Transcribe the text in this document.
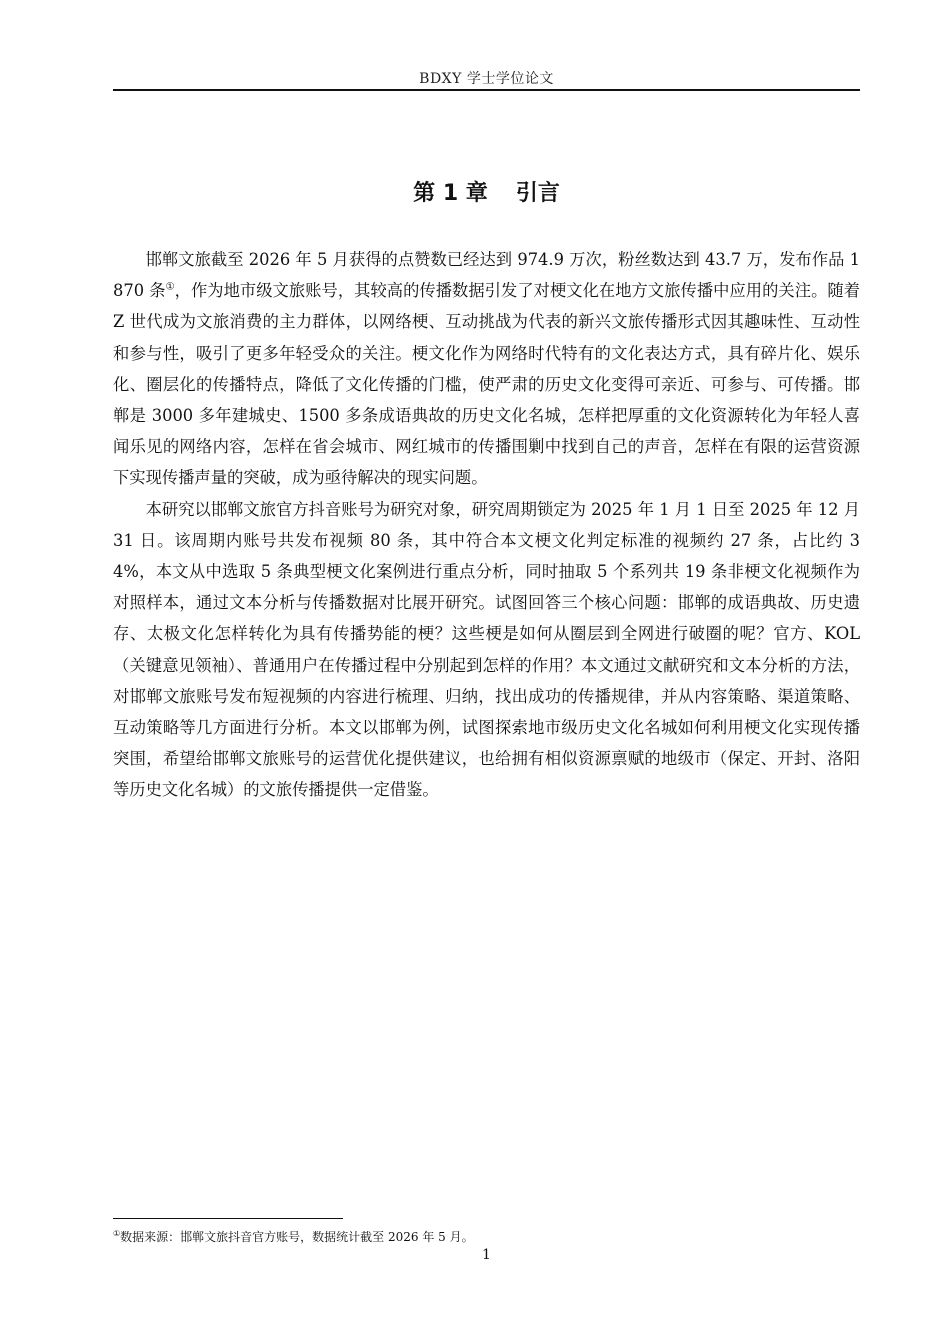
BDXY 学士学位论文
第 1 章 引言

邯郸文旅截至 2026 年 5 月获得的点赞数已经达到 974.9 万次，粉丝数达到 43.7 万，发布作品 1870 条①，作为地市级文旅账号，其较高的传播数据引发了对梗文化在地方文旅传播中应用的关注。随着 Z 世代成为文旅消费的主力群体，以网络梗、互动挑战为代表的新兴文旅传播形式因其趣味性、互动性和参与性，吸引了更多年轻受众的关注。梗文化作为网络时代特有的文化表达方式，具有碎片化、娱乐化、圈层化的传播特点，降低了文化传播的门槛，使严肃的历史文化变得可亲近、可参与、可传播。邯郸是 3000 多年建城史、1500 多条成语典故的历史文化名城，怎样把厚重的文化资源转化为年轻人喜闻乐见的网络内容，怎样在省会城市、网红城市的传播围剿中找到自己的声音，怎样在有限的运营资源下实现传播声量的突破，成为亟待解决的现实问题。

本研究以邯郸文旅官方抖音账号为研究对象，研究周期锁定为 2025 年 1 月 1 日至 2025 年 12 月 31 日。该周期内账号共发布视频 80 条，其中符合本文梗文化判定标准的视频约 27 条，占比约 34%，本文从中选取 5 条典型梗文化案例进行重点分析，同时抽取 5 个系列共 19 条非梗文化视频作为对照样本，通过文本分析与传播数据对比展开研究。试图回答三个核心问题：邯郸的成语典故、历史遗存、太极文化怎样转化为具有传播势能的梗？这些梗是如何从圈层到全网进行破圈的呢？官方、KOL（关键意见领袖）、普通用户在传播过程中分别起到怎样的作用？本文通过文献研究和文本分析的方法，对邯郸文旅账号发布短视频的内容进行梳理、归纳，找出成功的传播规律，并从内容策略、渠道策略、互动策略等几方面进行分析。本文以邯郸为例，试图探索地市级历史文化名城如何利用梗文化实现传播突围，希望给邯郸文旅账号的运营优化提供建议，也给拥有相似资源禀赋的地级市（保定、开封、洛阳等历史文化名城）的文旅传播提供一定借鉴。

①数据来源：邯郸文旅抖音官方账号，数据统计截至 2026 年 5 月。
1
